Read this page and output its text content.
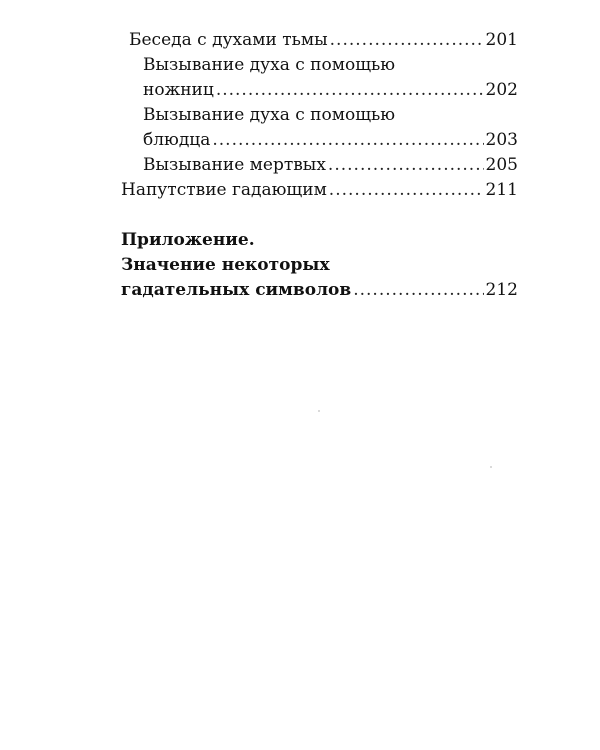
Беседа с духами тьмы .....	201
Вызывание духа с помощью
ножниц .....	202
Вызывание духа с помощью
блюдца .....	203
Вызывание мертвых .....	205
Напутствие гадающим .....	211
Приложение.
Значение некоторых
гадательных символов .....	212
